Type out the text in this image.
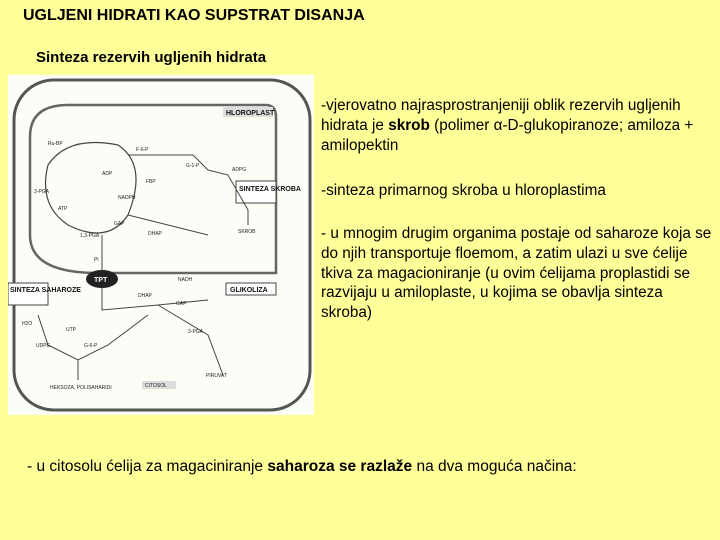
UGLJENI HIDRATI KAO SUPSTRAT DISANJA
Sinteza rezervih ugljenih hidrata
HLOROPLAST
SINTEZA SKROBA
GLIKOLIZA
SINTEZA SAHAROZE
TPT
Ru-BP
3-PGA
1,3-PGA
GAP
DHAP
F-6-P
G-1-P
FBP
ADPG
SKROB
NADPH
ATP
ADP
NADH
DHAP
GAP
3-PGA
PIRUVAT
UTP
UDPG	G-6-P
H2O
Pi
HEKSOZA, POLISAHARIDI	CITOSOL

-vjerovatno najrasprostranjeniji oblik rezervih ugljenih hidrata je skrob (polimer α-D-glukopiranoze; amiloza + amilopektin

-sinteza primarnog skroba u hloroplastima

- u mnogim drugim organima postaje od saharoze koja se do njih transportuje floemom, a zatim ulazi u sve ćelije tkiva za magacioniranje (u ovim ćelijama proplastidi se razvijaju u amiloplaste, u kojima se obavlja sinteza skroba)

- u citosolu ćelija za magaciniranje saharoza se razlaže na dva moguća načina:
